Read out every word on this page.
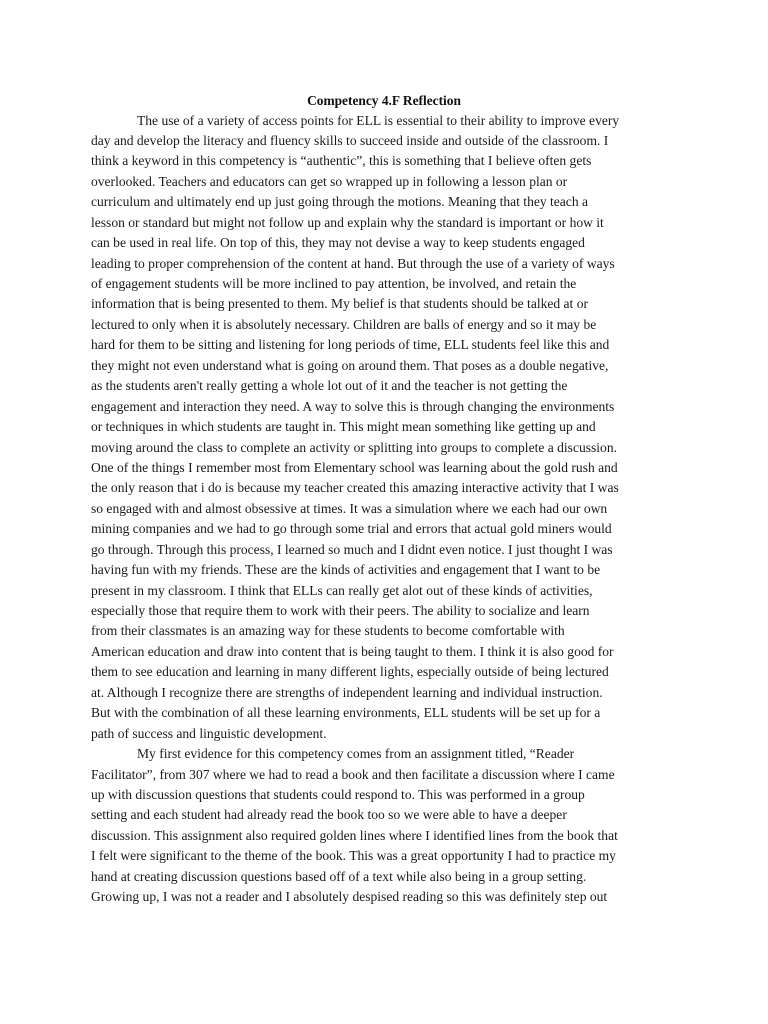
Competency 4.F Reflection
The use of a variety of access points for ELL is essential to their ability to improve every
day and develop the literacy and fluency skills to succeed inside and outside of the classroom. I
think a keyword in this competency is “authentic”, this is something that I believe often gets
overlooked. Teachers and educators can get so wrapped up in following a lesson plan or
curriculum and ultimately end up just going through the motions. Meaning that they teach a
lesson or standard but might not follow up and explain why the standard is important or how it
can be used in real life. On top of this, they may not devise a way to keep students engaged
leading to proper comprehension of the content at hand. But through the use of a variety of ways
of engagement students will be more inclined to pay attention, be involved, and retain the
information that is being presented to them. My belief is that students should be talked at or
lectured to only when it is absolutely necessary. Children are balls of energy and so it may be
hard for them to be sitting and listening for long periods of time, ELL students feel like this and
they might not even understand what is going on around them. That poses as a double negative,
as the students aren't really getting a whole lot out of it and the teacher is not getting the
engagement and interaction they need. A way to solve this is through changing the environments
or techniques in which students are taught in. This might mean something like getting up and
moving around the class to complete an activity or splitting into groups to complete a discussion.
One of the things I remember most from Elementary school was learning about the gold rush and
the only reason that i do is because my teacher created this amazing interactive activity that I was
so engaged with and almost obsessive at times. It was a simulation where we each had our own
mining companies and we had to go through some trial and errors that actual gold miners would
go through. Through this process, I learned so much and I didnt even notice. I just thought I was
having fun with my friends. These are the kinds of activities and engagement that I want to be
present in my classroom. I think that ELLs can really get alot out of these kinds of activities,
especially those that require them to work with their peers. The ability to socialize and learn
from their classmates is an amazing way for these students to become comfortable with
American education and draw into content that is being taught to them. I think it is also good for
them to see education and learning in many different lights, especially outside of being lectured
at. Although I recognize there are strengths of independent learning and individual instruction.
But with the combination of all these learning environments, ELL students will be set up for a
path of success and linguistic development.
My first evidence for this competency comes from an assignment titled, “Reader
Facilitator”, from 307 where we had to read a book and then facilitate a discussion where I came
up with discussion questions that students could respond to. This was performed in a group
setting and each student had already read the book too so we were able to have a deeper
discussion. This assignment also required golden lines where I identified lines from the book that
I felt were significant to the theme of the book. This was a great opportunity I had to practice my
hand at creating discussion questions based off of a text while also being in a group setting.
Growing up, I was not a reader and I absolutely despised reading so this was definitely step out
